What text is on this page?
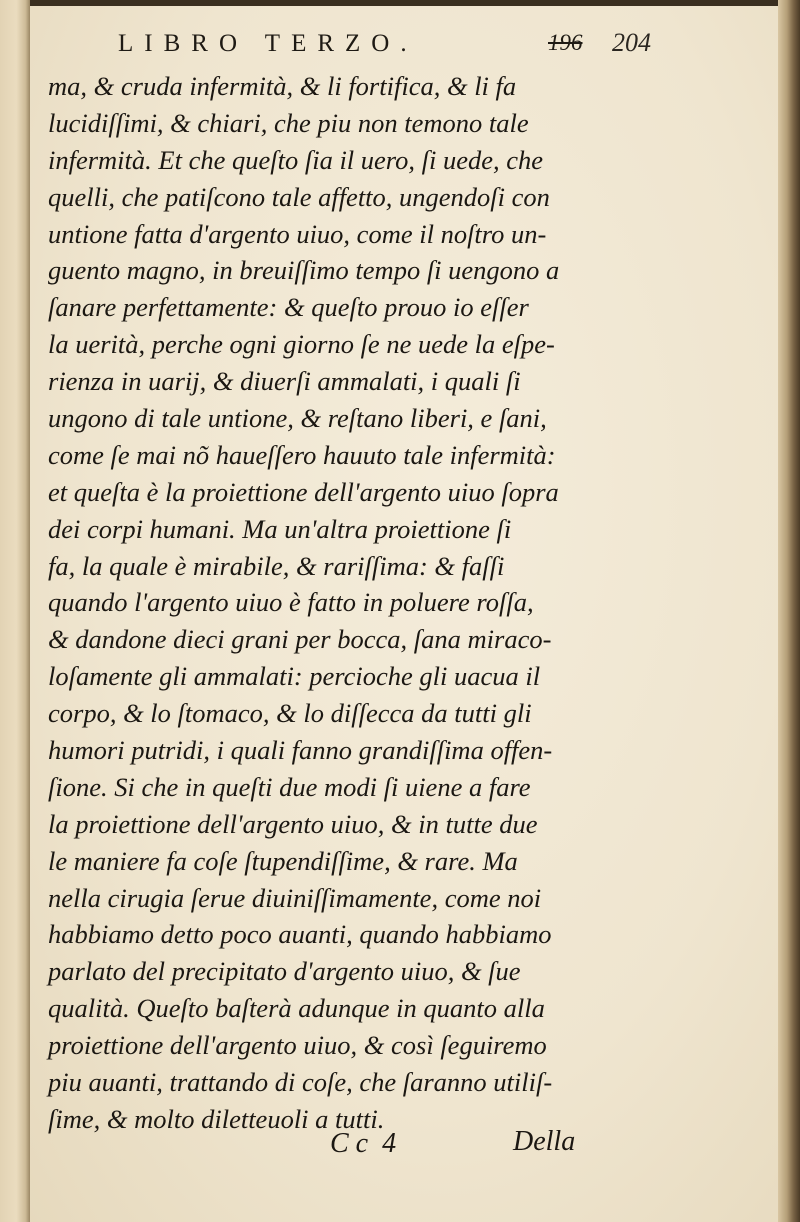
LIBRO TERZO.	196 204
ma, & cruda infermità, & li fortifica, & li fa
lucidiſſimi, & chiari, che piu non temono tale
infermità. Et che queſto ſia il uero, ſi uede, che
quelli, che patiſcono tale affetto, ungendoſi con
untione fatta d'argento uiuo, come il noſtro un-
guento magno, in breuiſſimo tempo ſi uengono a
ſanare perfettamente: & queſto prouo io eſſer
la uerità, perche ogni giorno ſe ne uede la eſpe-
rienza in uarij, & diuerſi ammalati, i quali ſi
ungono di tale untione, & reſtano liberi, e ſani,
come ſe mai nõ haueſſero hauuto tale infermità:
et queſta è la proiettione dell'argento uiuo ſopra
dei corpi humani. Ma un'altra proiettione ſi
fa, la quale è mirabile, & rariſſima: & faſſi
quando l'argento uiuo è fatto in poluere roſſa,
& dandone dieci grani per bocca, ſana miraco-
loſamente gli ammalati: percioche gli uacua il
corpo, & lo ſtomaco, & lo diſſecca da tutti gli
humori putridi, i quali fanno grandiſſima offen-
ſione. Si che in queſti due modi ſi uiene a fare
la proiettione dell'argento uiuo, & in tutte due
le maniere fa coſe ſtupendiſſime, & rare. Ma
nella cirugia ſerue diuiniſſimamente, come noi
habbiamo detto poco auanti, quando habbiamo
parlato del precipitato d'argento uiuo, & ſue
qualità. Queſto baſterà adunque in quanto alla
proiettione dell'argento uiuo, & così ſeguiremo
piu auanti, trattando di coſe, che ſaranno utiliſ-
ſime, & molto diletteuoli a tutti.
C c  4	Della
